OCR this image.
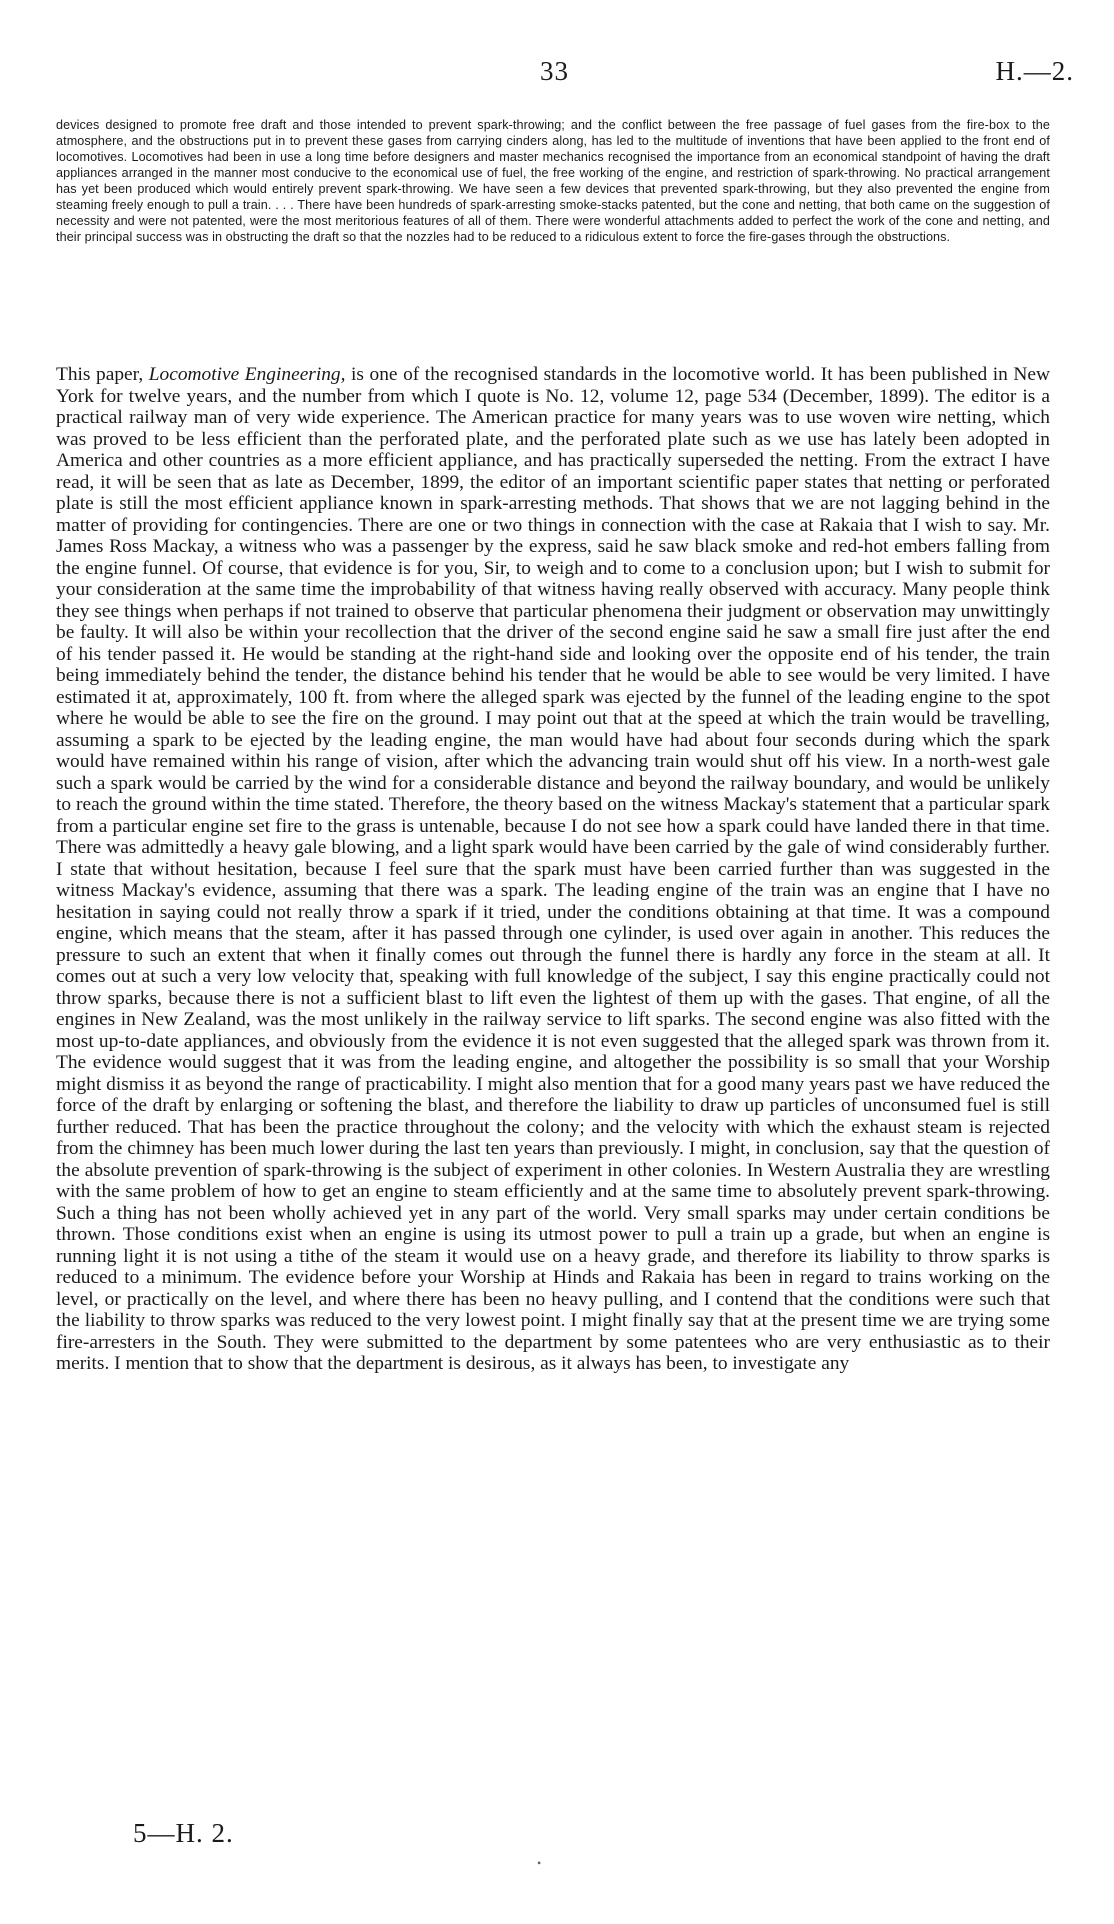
33	H.—2.
devices designed to promote free draft and those intended to prevent spark-throwing; and the conflict between the free passage of fuel gases from the fire-box to the atmosphere, and the obstructions put in to prevent these gases from carrying cinders along, has led to the multitude of inventions that have been applied to the front end of locomotives. Locomotives had been in use a long time before designers and master mechanics recognised the importance from an economical standpoint of having the draft appliances arranged in the manner most conducive to the economical use of fuel, the free working of the engine, and restriction of spark-throwing. No practical arrangement has yet been produced which would entirely prevent spark-throwing. We have seen a few devices that prevented spark-throwing, but they also prevented the engine from steaming freely enough to pull a train. . . . There have been hundreds of spark-arresting smoke-stacks patented, but the cone and netting, that both came on the suggestion of necessity and were not patented, were the most meritorious features of all of them. There were wonderful attachments added to perfect the work of the cone and netting, and their principal success was in obstructing the draft so that the nozzles had to be reduced to a ridiculous extent to force the fire-gases through the obstructions.
This paper, Locomotive Engineering, is one of the recognised standards in the locomotive world. It has been published in New York for twelve years, and the number from which I quote is No. 12, volume 12, page 534 (December, 1899). The editor is a practical railway man of very wide experience. The American practice for many years was to use woven wire netting, which was proved to be less efficient than the perforated plate, and the perforated plate such as we use has lately been adopted in America and other countries as a more efficient appliance, and has practically superseded the netting. From the extract I have read, it will be seen that as late as December, 1899, the editor of an important scientific paper states that netting or perforated plate is still the most efficient appliance known in spark-arresting methods. That shows that we are not lagging behind in the matter of providing for contingencies. There are one or two things in connection with the case at Rakaia that I wish to say. Mr. James Ross Mackay, a witness who was a passenger by the express, said he saw black smoke and red-hot embers falling from the engine funnel. Of course, that evidence is for you, Sir, to weigh and to come to a conclusion upon; but I wish to submit for your consideration at the same time the improbability of that witness having really observed with accuracy. Many people think they see things when perhaps if not trained to observe that particular phenomena their judgment or observation may unwittingly be faulty. It will also be within your recollection that the driver of the second engine said he saw a small fire just after the end of his tender passed it. He would be standing at the right-hand side and looking over the opposite end of his tender, the train being immediately behind the tender, the distance behind his tender that he would be able to see would be very limited. I have estimated it at, approximately, 100 ft. from where the alleged spark was ejected by the funnel of the leading engine to the spot where he would be able to see the fire on the ground. I may point out that at the speed at which the train would be travelling, assuming a spark to be ejected by the leading engine, the man would have had about four seconds during which the spark would have remained within his range of vision, after which the advancing train would shut off his view. In a north-west gale such a spark would be carried by the wind for a considerable distance and beyond the railway boundary, and would be unlikely to reach the ground within the time stated. Therefore, the theory based on the witness Mackay's statement that a particular spark from a particular engine set fire to the grass is untenable, because I do not see how a spark could have landed there in that time. There was admittedly a heavy gale blowing, and a light spark would have been carried by the gale of wind considerably further. I state that without hesitation, because I feel sure that the spark must have been carried further than was suggested in the witness Mackay's evidence, assuming that there was a spark. The leading engine of the train was an engine that I have no hesitation in saying could not really throw a spark if it tried, under the conditions obtaining at that time. It was a compound engine, which means that the steam, after it has passed through one cylinder, is used over again in another. This reduces the pressure to such an extent that when it finally comes out through the funnel there is hardly any force in the steam at all. It comes out at such a very low velocity that, speaking with full knowledge of the subject, I say this engine practically could not throw sparks, because there is not a sufficient blast to lift even the lightest of them up with the gases. That engine, of all the engines in New Zealand, was the most unlikely in the railway service to lift sparks. The second engine was also fitted with the most up-to-date appliances, and obviously from the evidence it is not even suggested that the alleged spark was thrown from it. The evidence would suggest that it was from the leading engine, and altogether the possibility is so small that your Worship might dismiss it as beyond the range of practicability. I might also mention that for a good many years past we have reduced the force of the draft by enlarging or softening the blast, and therefore the liability to draw up particles of unconsumed fuel is still further reduced. That has been the practice throughout the colony; and the velocity with which the exhaust steam is rejected from the chimney has been much lower during the last ten years than previously. I might, in conclusion, say that the question of the absolute prevention of spark-throwing is the subject of experiment in other colonies. In Western Australia they are wrestling with the same problem of how to get an engine to steam efficiently and at the same time to absolutely prevent spark-throwing. Such a thing has not been wholly achieved yet in any part of the world. Very small sparks may under certain conditions be thrown. Those conditions exist when an engine is using its utmost power to pull a train up a grade, but when an engine is running light it is not using a tithe of the steam it would use on a heavy grade, and therefore its liability to throw sparks is reduced to a minimum. The evidence before your Worship at Hinds and Rakaia has been in regard to trains working on the level, or practically on the level, and where there has been no heavy pulling, and I contend that the conditions were such that the liability to throw sparks was reduced to the very lowest point. I might finally say that at the present time we are trying some fire-arresters in the South. They were submitted to the department by some patentees who are very enthusiastic as to their merits. I mention that to show that the department is desirous, as it always has been, to investigate any
5—H. 2.
•
